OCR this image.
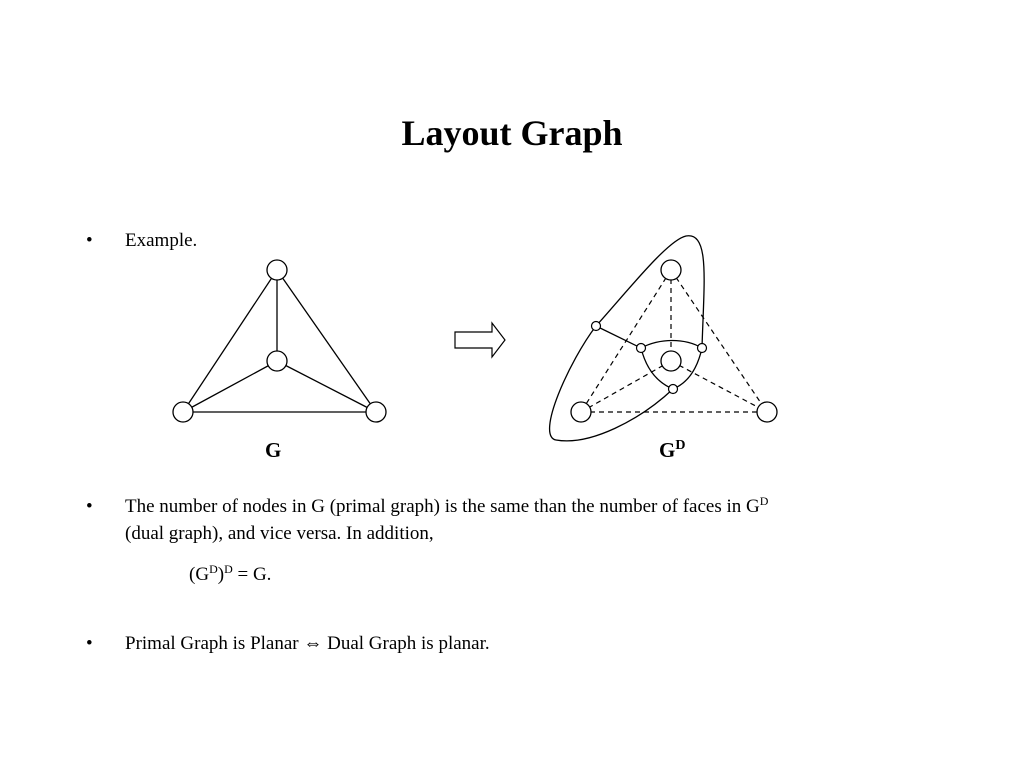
Layout Graph
• Example.
G	$G^D$
• The number of nodes in G (primal graph) is the same than the number of faces in $G^D$
(dual graph), and vice versa. In addition,
$(G^D)^D = G$.
• Primal Graph is Planar ⇔ Dual Graph is planar.
